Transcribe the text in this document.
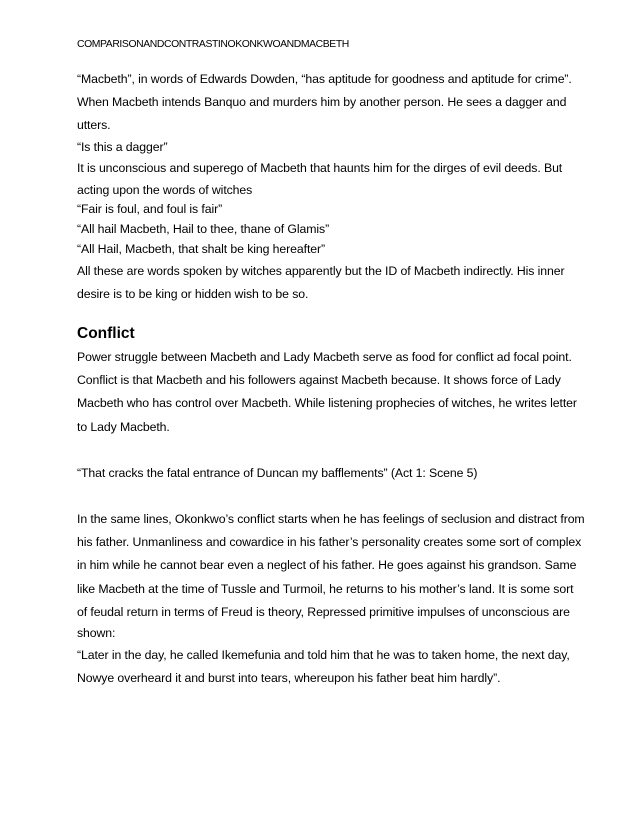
COMPARISONANDCONTRASTINOKONKWOANDMACBETH
“Macbeth”, in words of Edwards Dowden, “has aptitude for goodness and aptitude for crime”.
When Macbeth intends Banquo and murders him by another person. He sees a dagger and
utters.
“Is this a dagger”
It is unconscious and superego of Macbeth that haunts him for the dirges of evil deeds. But
acting upon the words of witches
“Fair is foul, and foul is fair”
“All hail Macbeth, Hail to thee, thane of Glamis”
“All Hail, Macbeth, that shalt be king hereafter”
All these are words spoken by witches apparently but the ID of Macbeth indirectly. His inner
desire is to be king or hidden wish to be so.
Conflict
Power struggle between Macbeth and Lady Macbeth serve as food for conflict ad focal point.
Conflict is that Macbeth and his followers against Macbeth because. It shows force of Lady
Macbeth who has control over Macbeth. While listening prophecies of witches, he writes letter
to Lady Macbeth.
“That cracks the fatal entrance of Duncan my bafflements” (Act 1: Scene 5)
In the same lines, Okonkwo’s conflict starts when he has feelings of seclusion and distract from
his father. Unmanliness and cowardice in his father’s personality creates some sort of complex
in him while he cannot bear even a neglect of his father. He goes against his grandson. Same
like Macbeth at the time of Tussle and Turmoil, he returns to his mother’s land. It is some sort
of feudal return in terms of Freud is theory, Repressed primitive impulses of unconscious are
shown:
“Later in the day, he called Ikemefunia and told him that he was to taken home, the next day,
Nowye overheard it and burst into tears, whereupon his father beat him hardly”.
